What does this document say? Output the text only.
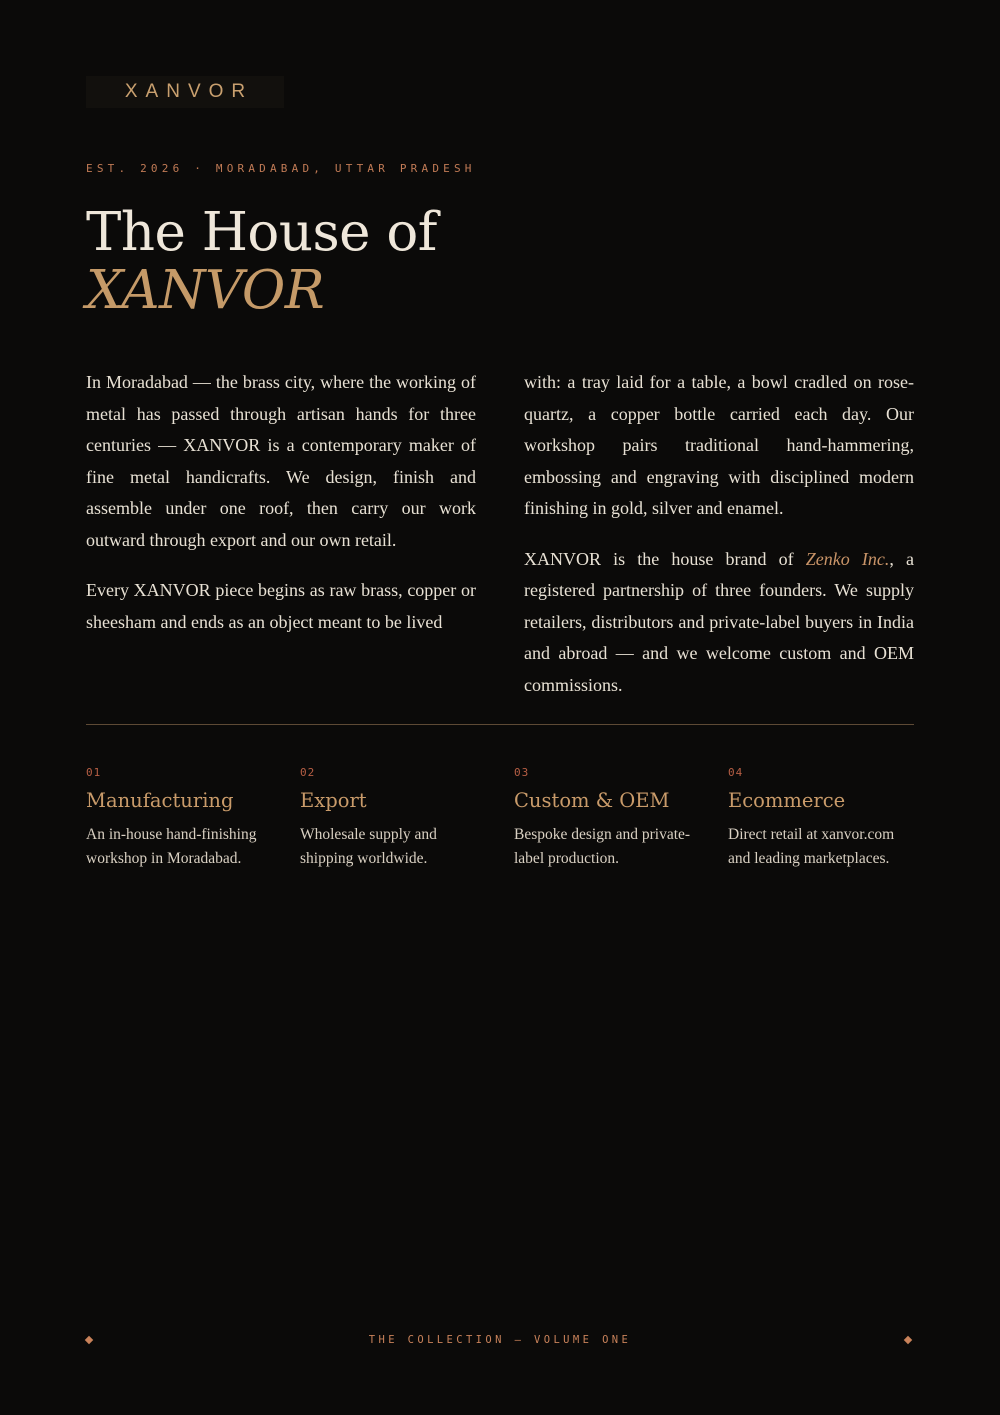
XANVOR
EST. 2026 · MORADABAD, UTTAR PRADESH
The House of
XANVOR

In Moradabad — the brass city, where the working of metal has passed through artisan hands for three centuries — XANVOR is a contemporary maker of fine metal handicrafts. We design, finish and assemble under one roof, then carry our work outward through export and our own retail.

Every XANVOR piece begins as raw brass, copper or sheesham and ends as an object meant to be lived

with: a tray laid for a table, a bowl cradled on rose-quartz, a copper bottle carried each day. Our workshop pairs traditional hand-hammering, embossing and engraving with disciplined modern finishing in gold, silver and enamel.

XANVOR is the house brand of Zenko Inc., a registered partnership of three founders. We supply retailers, distributors and private-label buyers in India and abroad — and we welcome custom and OEM commissions.

01
Manufacturing
An in-house hand-finishing workshop in Moradabad.
02
Export
Wholesale supply and shipping worldwide.
03
Custom & OEM
Bespoke design and private-label production.
04
Ecommerce
Direct retail at xanvor.com and leading marketplaces.
THE COLLECTION — VOLUME ONE
